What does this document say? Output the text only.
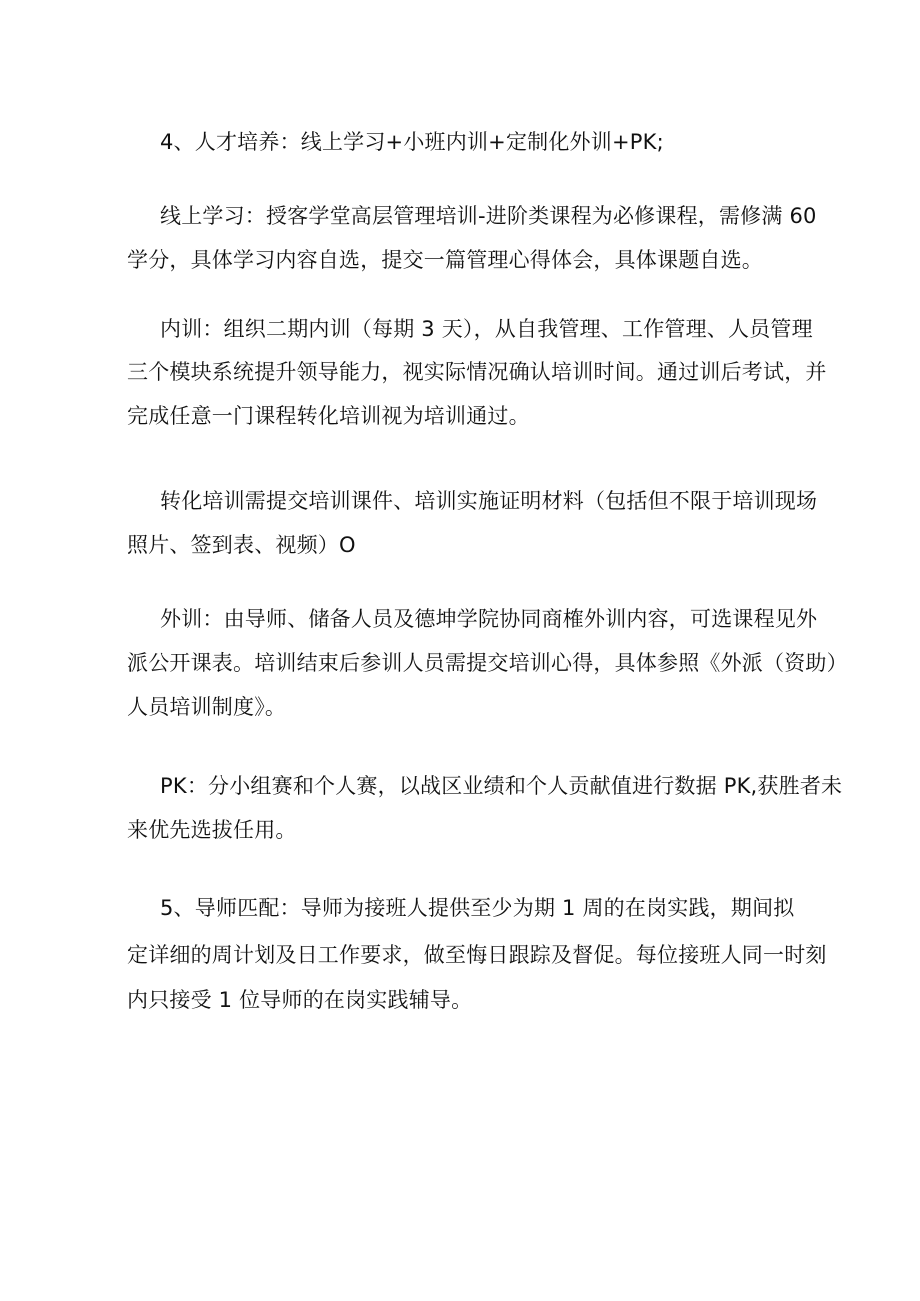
4、人才培养：线上学习+小班内训+定制化外训+PK;
线上学习：授客学堂高层管理培训-进阶类课程为必修课程，需修满 60
学分，具体学习内容自选，提交一篇管理心得体会，具体课题自选。
内训：组织二期内训（每期 3 天），从自我管理、工作管理、人员管理
三个模块系统提升领导能力，视实际情况确认培训时间。通过训后考试，并
完成任意一门课程转化培训视为培训通过。
转化培训需提交培训课件、培训实施证明材料（包括但不限于培训现场
照片、签到表、视频）O
外训：由导师、储备人员及德坤学院协同商榷外训内容，可选课程见外
派公开课表。培训结束后参训人员需提交培训心得，具体参照《外派（资助）
人员培训制度》。
PK：分小组赛和个人赛，以战区业绩和个人贡献值进行数据 PK,获胜者未
来优先选拔任用。
5、导师匹配：导师为接班人提供至少为期 1 周的在岗实践，期间拟
定详细的周计划及日工作要求，做至悔日跟踪及督促。每位接班人同一时刻
内只接受 1 位导师的在岗实践辅导。
